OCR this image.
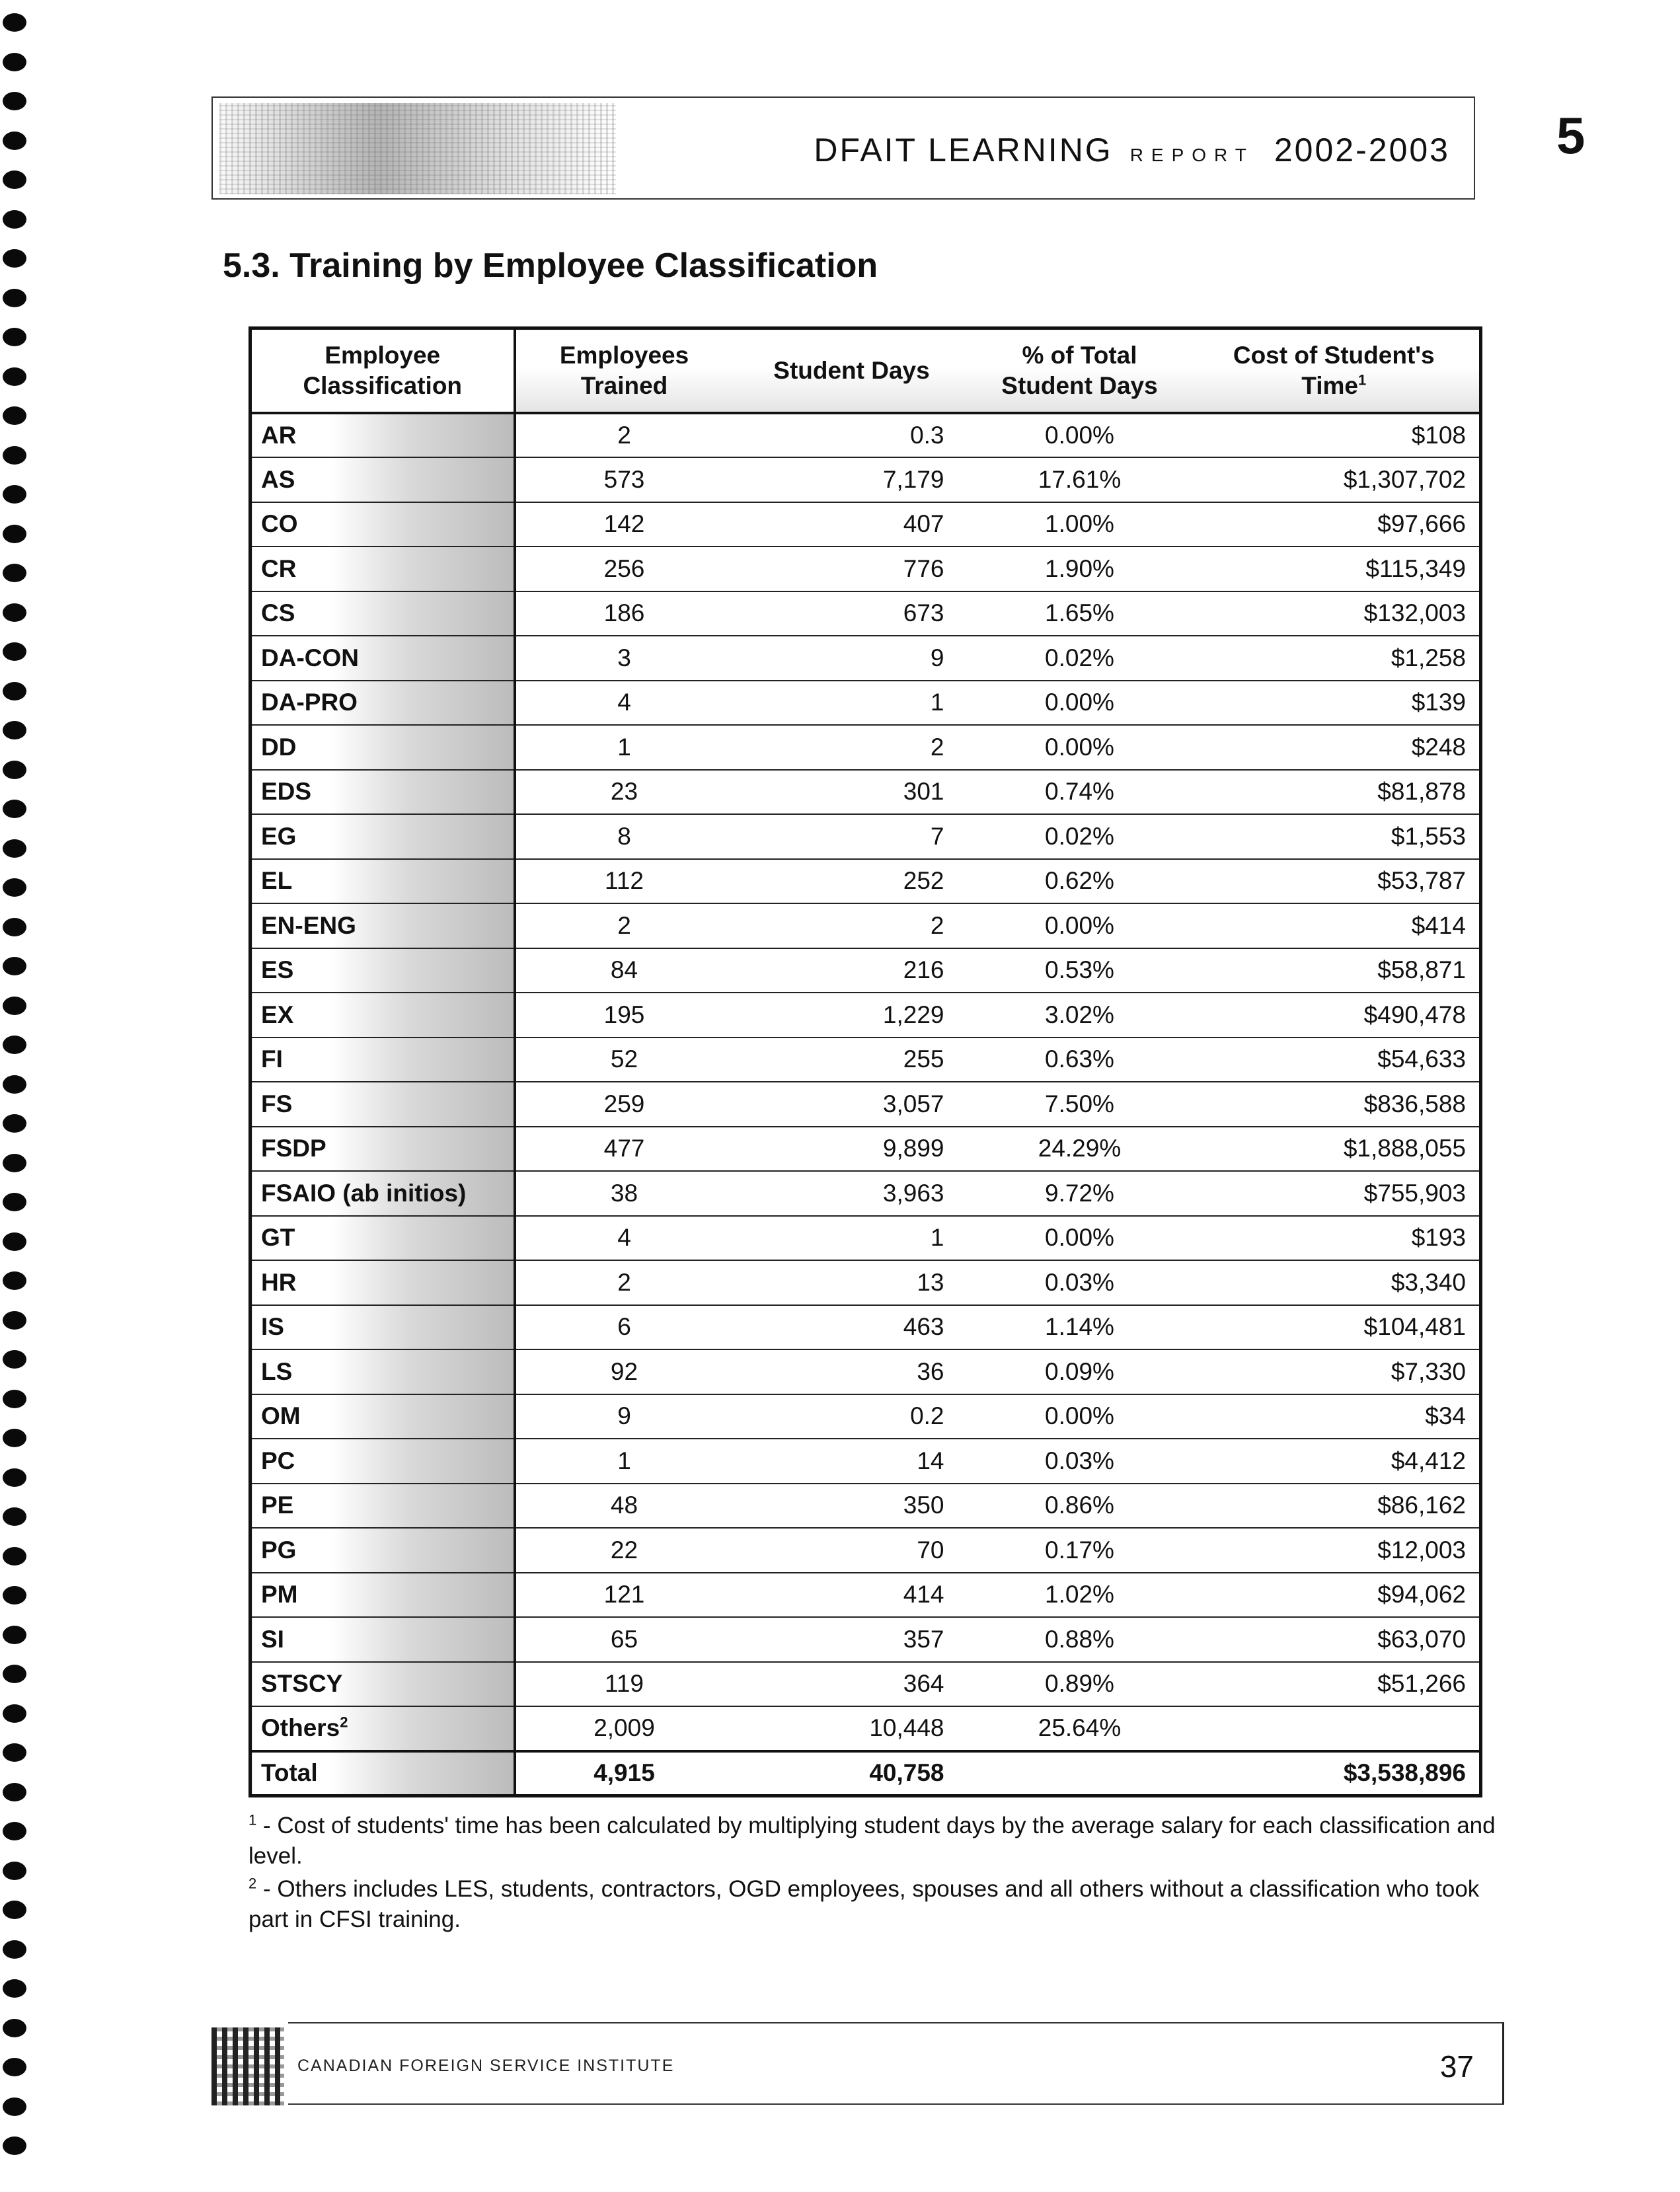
DFAIT LEARNING REPORT 2002-2003 5
5.3. Training by Employee Classification
Employee Classification	Employees Trained	Student Days	% of Total Student Days	Cost of Student's Time$^1$
AR	2	0.3	0.00%	$108
AS	573	7,179	17.61%	$1,307,702
CO	142	407	1.00%	$97,666
CR	256	776	1.90%	$115,349
CS	186	673	1.65%	$132,003
DA-CON	3	9	0.02%	$1,258
DA-PRO	4	1	0.00%	$139
DD	1	2	0.00%	$248
EDS	23	301	0.74%	$81,878
EG	8	7	0.02%	$1,553
EL	112	252	0.62%	$53,787
EN-ENG	2	2	0.00%	$414
ES	84	216	0.53%	$58,871
EX	195	1,229	3.02%	$490,478
FI	52	255	0.63%	$54,633
FS	259	3,057	7.50%	$836,588
FSDP	477	9,899	24.29%	$1,888,055
FSAIO (ab initios)	38	3,963	9.72%	$755,903
GT	4	1	0.00%	$193
HR	2	13	0.03%	$3,340
IS	6	463	1.14%	$104,481
LS	92	36	0.09%	$7,330
OM	9	0.2	0.00%	$34
PC	1	14	0.03%	$4,412
PE	48	350	0.86%	$86,162
PG	22	70	0.17%	$12,003
PM	121	414	1.02%	$94,062
SI	65	357	0.88%	$63,070
STSCY	119	364	0.89%	$51,266
Others$^2$	2,009	10,448	25.64%	
Total	4,915	40,758		$3,538,896

$^1$ - Cost of students' time has been calculated by multiplying student days by the average salary for each classification and level.

$^2$ - Others includes LES, students, contractors, OGD employees, spouses and all others without a classification who took part in CFSI training.

CANADIAN FOREIGN SERVICE INSTITUTE	37
